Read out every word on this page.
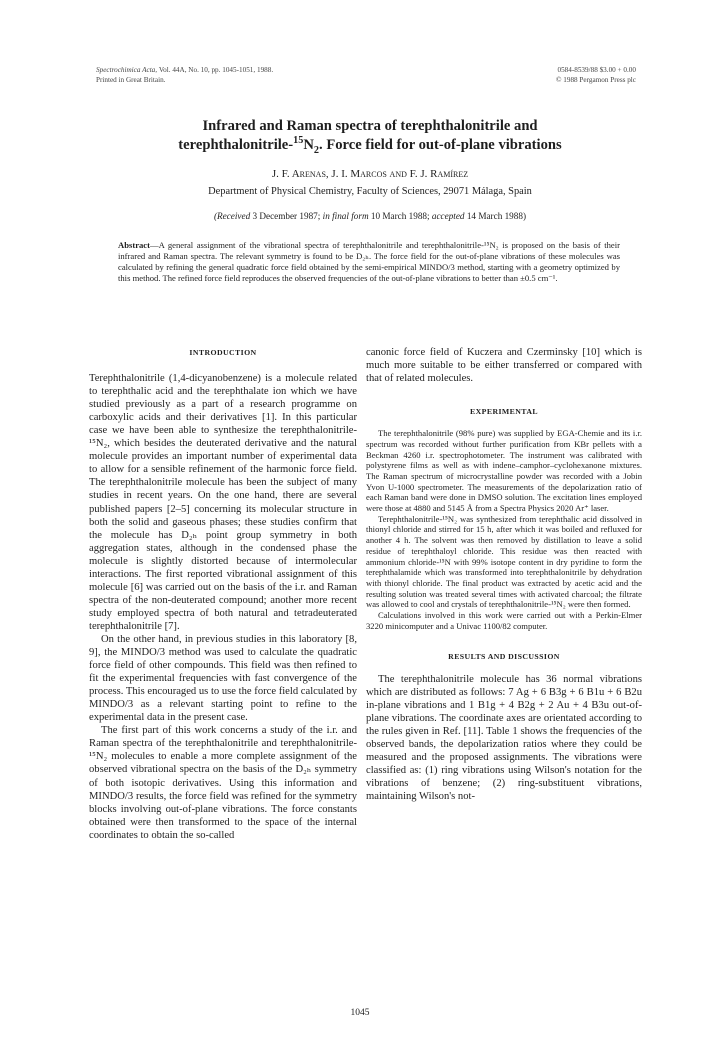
Spectrochimica Acta, Vol. 44A, No. 10, pp. 1045-1051, 1988.
Printed in Great Britain.
0584-8539/88 $3.00 + 0.00
© 1988 Pergamon Press plc
Infrared and Raman spectra of terephthalonitrile and
terephthalonitrile-$^{15}N_2$. Force field for out-of-plane vibrations
J. F. Arenas, J. I. Marcos and F. J. Ramírez
Department of Physical Chemistry, Faculty of Sciences, 29071 Málaga, Spain
(Received 3 December 1987; in final form 10 March 1988; accepted 14 March 1988)
Abstract—A general assignment of the vibrational spectra of terephthalonitrile and terephthalonitrile-¹⁵N₂ is proposed on the basis of their infrared and Raman spectra. The relevant symmetry is found to be D₂ₕ. The force field for the out-of-plane vibrations of these molecules was calculated by refining the general quadratic force field obtained by the semi-empirical MINDO/3 method, starting with a geometry optimized by this method. The refined force field reproduces the observed frequencies of the out-of-plane vibrations to better than ±0.5 cm⁻¹.
INTRODUCTION

Terephthalonitrile (1,4-dicyanobenzene) is a molecule related to terephthalic acid and the terephthalate ion which we have studied previously as a part of a research programme on carboxylic acids and their derivatives [1]. In this particular case we have been able to synthesize the terephthalonitrile-¹⁵N₂, which besides the deuterated derivative and the natural molecule provides an important number of experimental data to allow for a sensible refinement of the harmonic force field. The terephthalonitrile molecule has been the subject of many studies in recent years. On the one hand, there are several published papers [2–5] concerning its molecular structure in both the solid and gaseous phases; these studies confirm that the molecule has D₂ₕ point group symmetry in both aggregation states, although in the condensed phase the molecule is slightly distorted because of intermolecular interactions. The first reported vibrational assignment of this molecule [6] was carried out on the basis of the i.r. and Raman spectra of the non-deuterated compound; another more recent study employed spectra of both natural and tetradeuterated terephthalonitrile [7].

On the other hand, in previous studies in this laboratory [8, 9], the MINDO/3 method was used to calculate the quadratic force field of other compounds. This field was then refined to fit the experimental frequencies with fast convergence of the process. This encouraged us to use the force field calculated by MINDO/3 as a relevant starting point to refine to the experimental data in the present case.

The first part of this work concerns a study of the i.r. and Raman spectra of the terephthalonitrile and terephthalonitrile-¹⁵N₂ molecules to enable a more complete assignment of the observed vibrational spectra on the basis of the D₂ₕ symmetry of both isotopic derivatives. Using this information and MINDO/3 results, the force field was refined for the symmetry blocks involving out-of-plane vibrations. The force constants obtained were then transformed to the space of the internal coordinates to obtain the so-called

canonic force field of Kuczera and Czerminsky [10] which is much more suitable to be either transferred or compared with that of related molecules.

EXPERIMENTAL

The terephthalonitrile (98% pure) was supplied by EGA-Chemie and its i.r. spectrum was recorded without further purification from KBr pellets with a Beckman 4260 i.r. spectrophotometer. The instrument was calibrated with polystyrene films as well as with indene–camphor–cyclohexanone mixtures. The Raman spectrum of microcrystalline powder was recorded with a Jobin Yvon U-1000 spectrometer. The measurements of the depolarization ratio of each Raman band were done in DMSO solution. The excitation lines employed were those at 4880 and 5145 Å from a Spectra Physics 2020 Ar⁺ laser.

Terephthalonitrile-¹⁵N₂ was synthesized from terephthalic acid dissolved in thionyl chloride and stirred for 15 h, after which it was boiled and refluxed for another 4 h. The solvent was then removed by distillation to leave a solid residue of terephthaloyl chloride. This residue was then reacted with ammonium chloride-¹⁵N with 99% isotope content in dry pyridine to form the terephthalamide which was transformed into terephthalonitrile by dehydration with thionyl chloride. The final product was extracted by acetic acid and the resulting solution was treated several times with activated charcoal; the filtrate was allowed to cool and crystals of terephthalonitrile-¹⁵N₂ were then formed.

Calculations involved in this work were carried out with a Perkin-Elmer 3220 minicomputer and a Univac 1100/82 computer.

RESULTS AND DISCUSSION

The terephthalonitrile molecule has 36 normal vibrations which are distributed as follows: 7 Ag + 6 B3g + 6 B1u + 6 B2u in-plane vibrations and 1 B1g + 4 B2g + 2 Au + 4 B3u out-of-plane vibrations. The coordinate axes are orientated according to the rules given in Ref. [11]. Table 1 shows the frequencies of the observed bands, the depolarization ratios where they could be measured and the proposed assignments. The vibrations were classified as: (1) ring vibrations using Wilson's notation for the vibrations of benzene; (2) ring-substituent vibrations, maintaining Wilson's not-

1045
